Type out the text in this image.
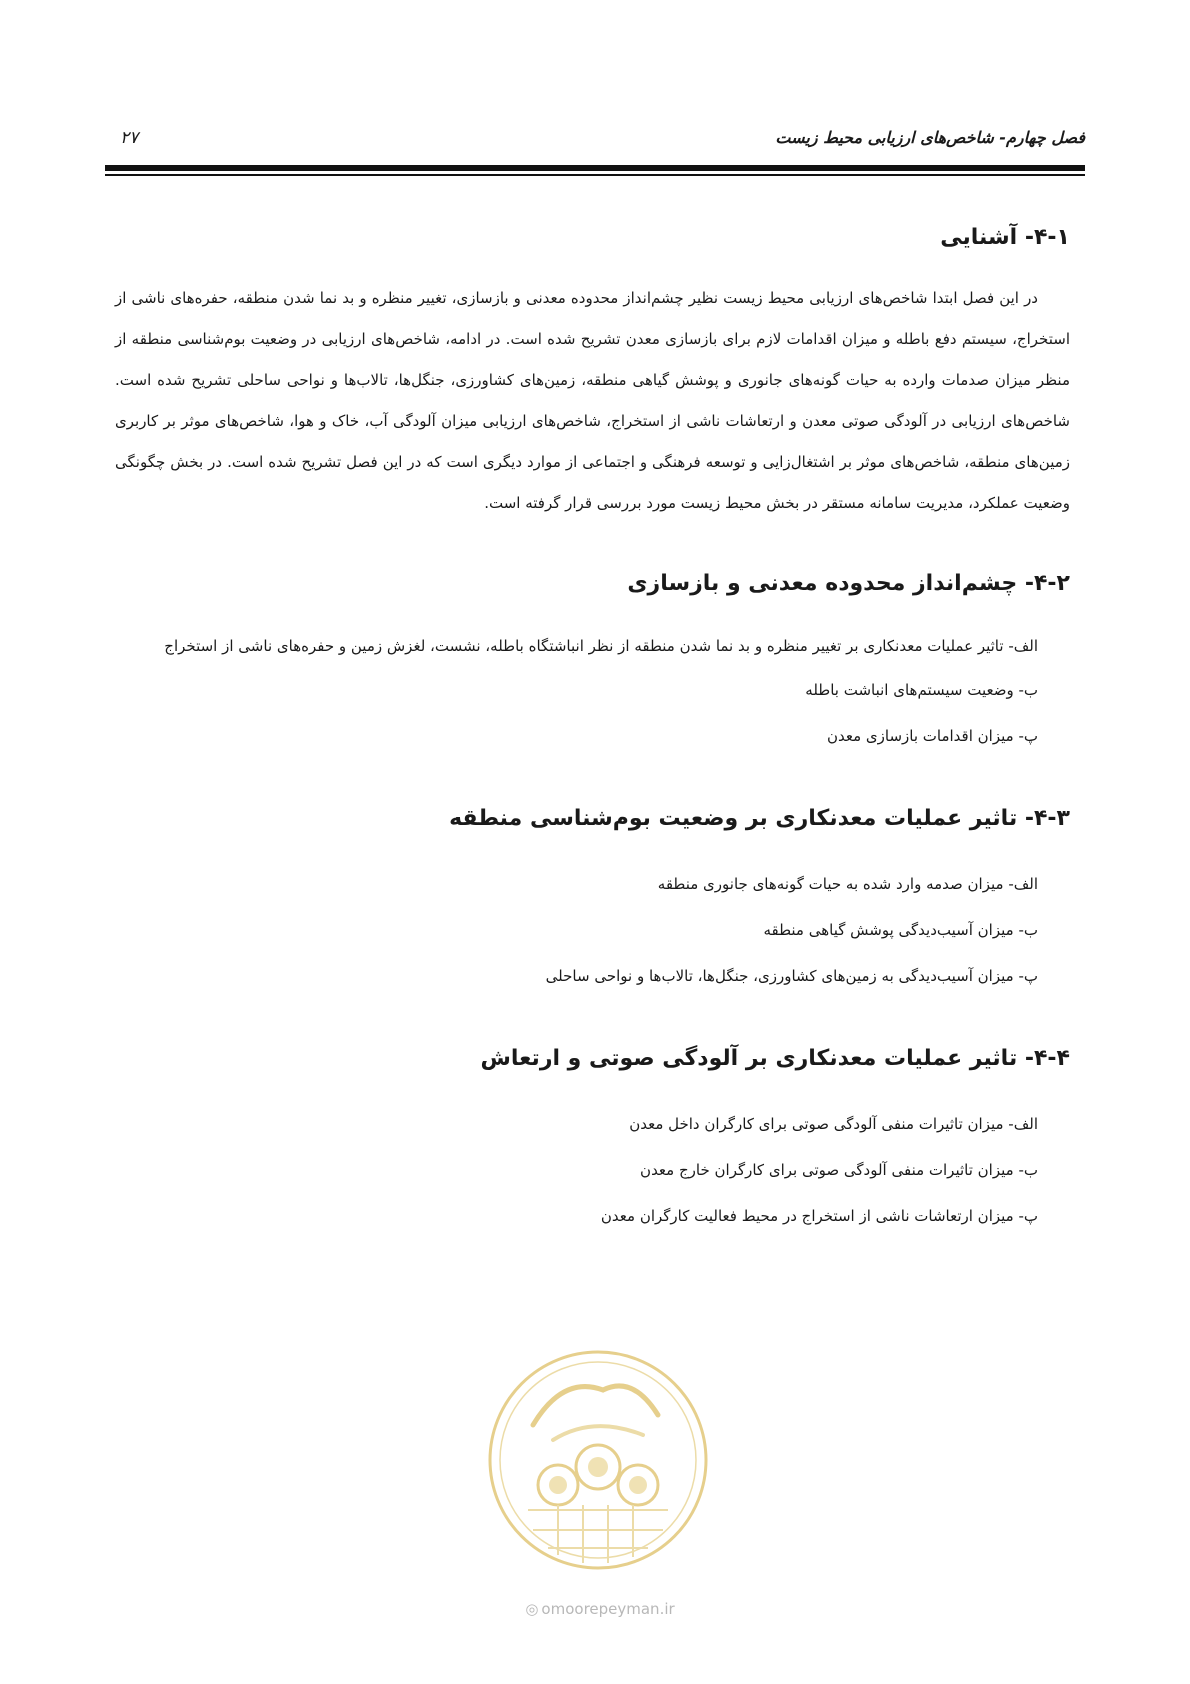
فصل چهارم- شاخص‌های ارزیابی محیط زیست
۲۷
۴-۱- آشنایی

در این فصل ابتدا شاخص‌های ارزیابی محیط زیست نظیر چشم‌انداز محدوده معدنی و بازسازی، تغییر منظره و بد نما شدن منطقه، حفره‌های ناشی از استخراج، سیستم دفع باطله و میزان اقدامات لازم برای بازسازی معدن تشریح شده است. در ادامه، شاخص‌های ارزیابی در وضعیت بوم‌شناسی منطقه از منظر میزان صدمات وارده به حیات گونه‌های جانوری و پوشش گیاهی منطقه، زمین‌های کشاورزی، جنگل‌ها، تالاب‌ها و نواحی ساحلی تشریح شده است. شاخص‌های ارزیابی در آلودگی صوتی معدن و ارتعاشات ناشی از استخراج، شاخص‌های ارزیابی میزان آلودگی آب، خاک و هوا، شاخص‌های موثر بر کاربری زمین‌های منطقه، شاخص‌های موثر بر اشتغال‌زایی و توسعه فرهنگی و اجتماعی از موارد دیگری است که در این فصل تشریح شده است. در بخش چگونگی وضعیت عملکرد، مدیریت سامانه مستقر در بخش محیط زیست مورد بررسی قرار گرفته است.

۴-۲- چشم‌انداز محدوده معدنی و بازسازی
الف- تاثیر عملیات معدنکاری بر تغییر منظره و بد نما شدن منطقه از نظر انباشتگاه باطله، نشست، لغزش زمین و حفره‌های ناشی از استخراج
ب- وضعیت سیستم‌های انباشت باطله
پ- میزان اقدامات بازسازی معدن
۴-۳- تاثیر عملیات معدنکاری بر وضعیت بوم‌شناسی منطقه
الف- میزان صدمه وارد شده به حیات گونه‌های جانوری منطقه
ب- میزان آسیب‌دیدگی پوشش گیاهی منطقه
پ- میزان آسیب‌دیدگی به زمین‌های کشاورزی، جنگل‌ها، تالاب‌ها و نواحی ساحلی
۴-۴- تاثیر عملیات معدنکاری بر آلودگی صوتی و ارتعاش
الف- میزان تاثیرات منفی آلودگی صوتی برای کارگران داخل معدن
ب- میزان تاثیرات منفی آلودگی صوتی برای کارگران خارج معدن
پ- میزان ارتعاشات ناشی از استخراج در محیط فعالیت کارگران معدن
◎ omoorepeyman.ir
